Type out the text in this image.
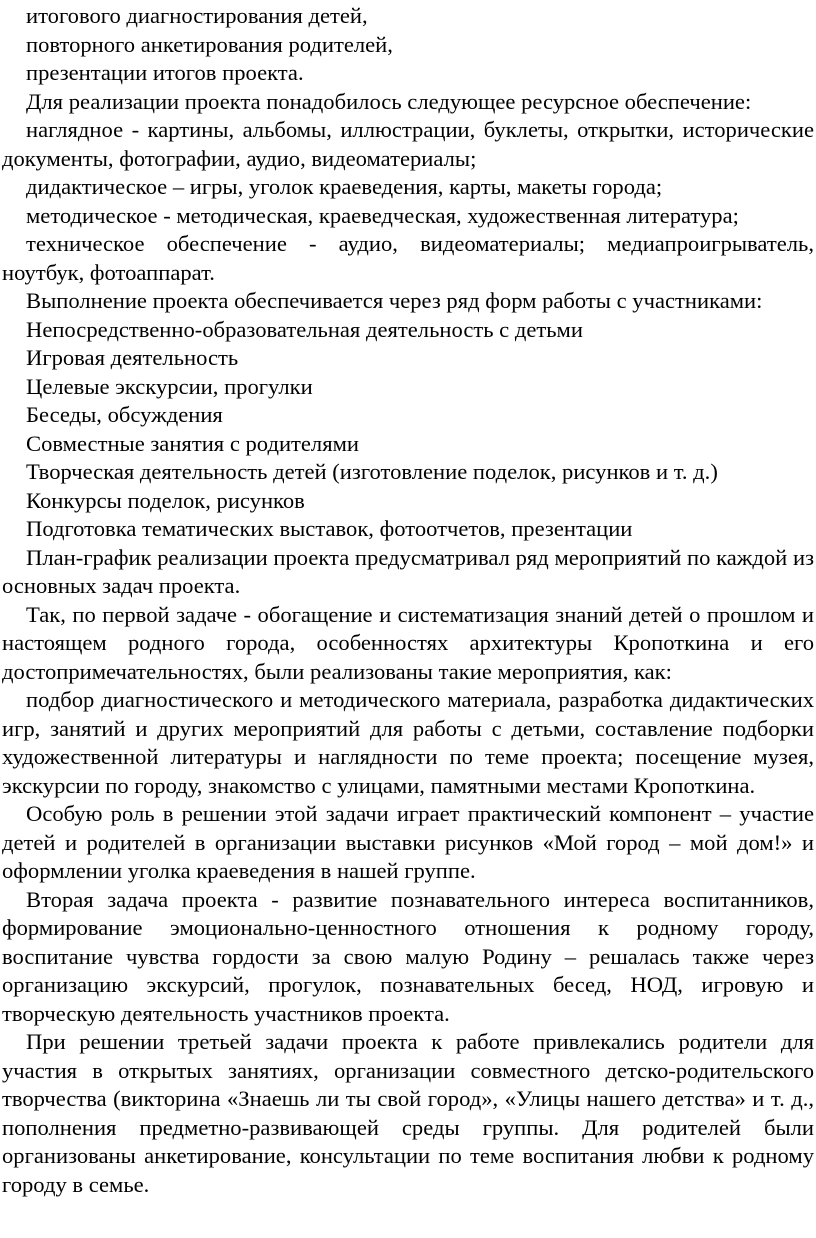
итогового диагностирования детей,

повторного анкетирования родителей,

презентации итогов проекта.

Для реализации проекта понадобилось следующее ресурсное обеспечение:

наглядное - картины, альбомы, иллюстрации, буклеты, открытки, исторические документы, фотографии, аудио, видеоматериалы;

дидактическое – игры, уголок краеведения, карты, макеты города;

методическое - методическая, краеведческая, художественная литература;

техническое обеспечение - аудио, видеоматериалы; медиапроигрыватель, ноутбук, фотоаппарат.

Выполнение проекта обеспечивается через ряд форм работы с участниками:

Непосредственно-образовательная деятельность с детьми

Игровая деятельность

Целевые экскурсии, прогулки

Беседы, обсуждения

Совместные занятия с родителями

Творческая деятельность детей (изготовление поделок, рисунков и т. д.)

Конкурсы поделок, рисунков

Подготовка тематических выставок, фотоотчетов, презентации

План-график реализации проекта предусматривал ряд мероприятий по каждой из основных задач проекта.

Так, по первой задаче - обогащение и систематизация знаний детей о прошлом и настоящем родного города, особенностях архитектуры Кропоткина и его достопримечательностях, были реализованы такие мероприятия, как:

подбор диагностического и методического материала, разработка дидактических игр, занятий и других мероприятий для работы с детьми, составление подборки художественной литературы и наглядности по теме проекта; посещение музея, экскурсии по городу, знакомство с улицами, памятными местами Кропоткина.

Особую роль в решении этой задачи играет практический компонент – участие детей и родителей в организации выставки рисунков «Мой город – мой дом!» и оформлении уголка краеведения в нашей группе.

Вторая задача проекта - развитие познавательного интереса воспитанников, формирование эмоционально-ценностного отношения к родному городу, воспитание чувства гордости за свою малую Родину – решалась также через организацию экскурсий, прогулок, познавательных бесед, НОД, игровую и творческую деятельность участников проекта.

При решении третьей задачи проекта к работе привлекались родители для участия в открытых занятиях, организации совместного детско-родительского творчества (викторина «Знаешь ли ты свой город», «Улицы нашего детства» и т. д., пополнения предметно-развивающей среды группы. Для родителей были организованы анкетирование, консультации по теме воспитания любви к родному городу в семье.
